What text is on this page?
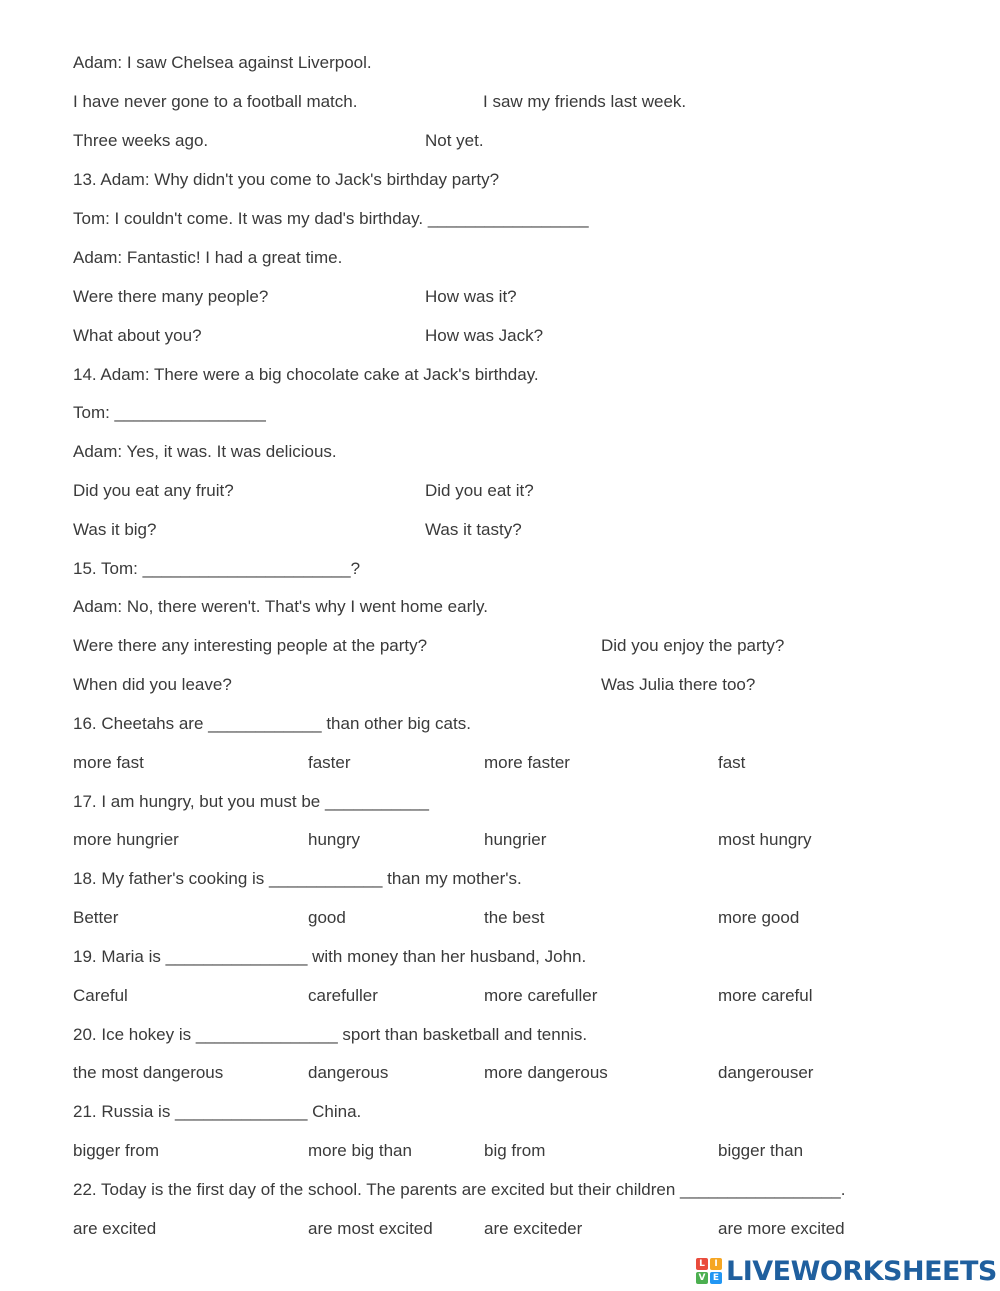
Adam: I saw Chelsea against Liverpool.
I have never gone to a football match.	I saw my friends last week.
Three weeks ago.	Not yet.
13. Adam: Why didn't you come to Jack's birthday party?
Tom: I couldn't come. It was my dad's birthday. _________________
Adam: Fantastic! I had a great time.
Were there many people?	How was it?
What about you?	How was Jack?
14. Adam: There were a big chocolate cake at Jack's birthday.
Tom: ________________
Adam: Yes, it was. It was delicious.
Did you eat any fruit?	Did you eat it?
Was it big?	Was it tasty?
15. Tom: ______________________?
Adam: No, there weren't. That's why I went home early.
Were there any interesting people at the party?	Did you enjoy the party?
When did you leave?	Was Julia there too?
16. Cheetahs are ____________ than other big cats.
more fast	faster	more faster	fast
17. I am hungry, but you must be ___________
more hungrier	hungry	hungrier	most hungry
18. My father's cooking is ____________ than my mother's.
Better	good	the best	more good
19. Maria is _______________ with money than her husband, John.
Careful	carefuller	more carefuller	more careful
20. Ice hokey is _______________ sport than basketball and tennis.
the most dangerous	dangerous	more dangerous	dangerouser
21. Russia is ______________ China.
bigger from	more big than	big from	bigger than
22. Today is the first day of the school. The parents are excited but their children _________________.
are excited	are most excited	are exciteder	are more excited
L	I
V E LIVEWORKSHEETS
